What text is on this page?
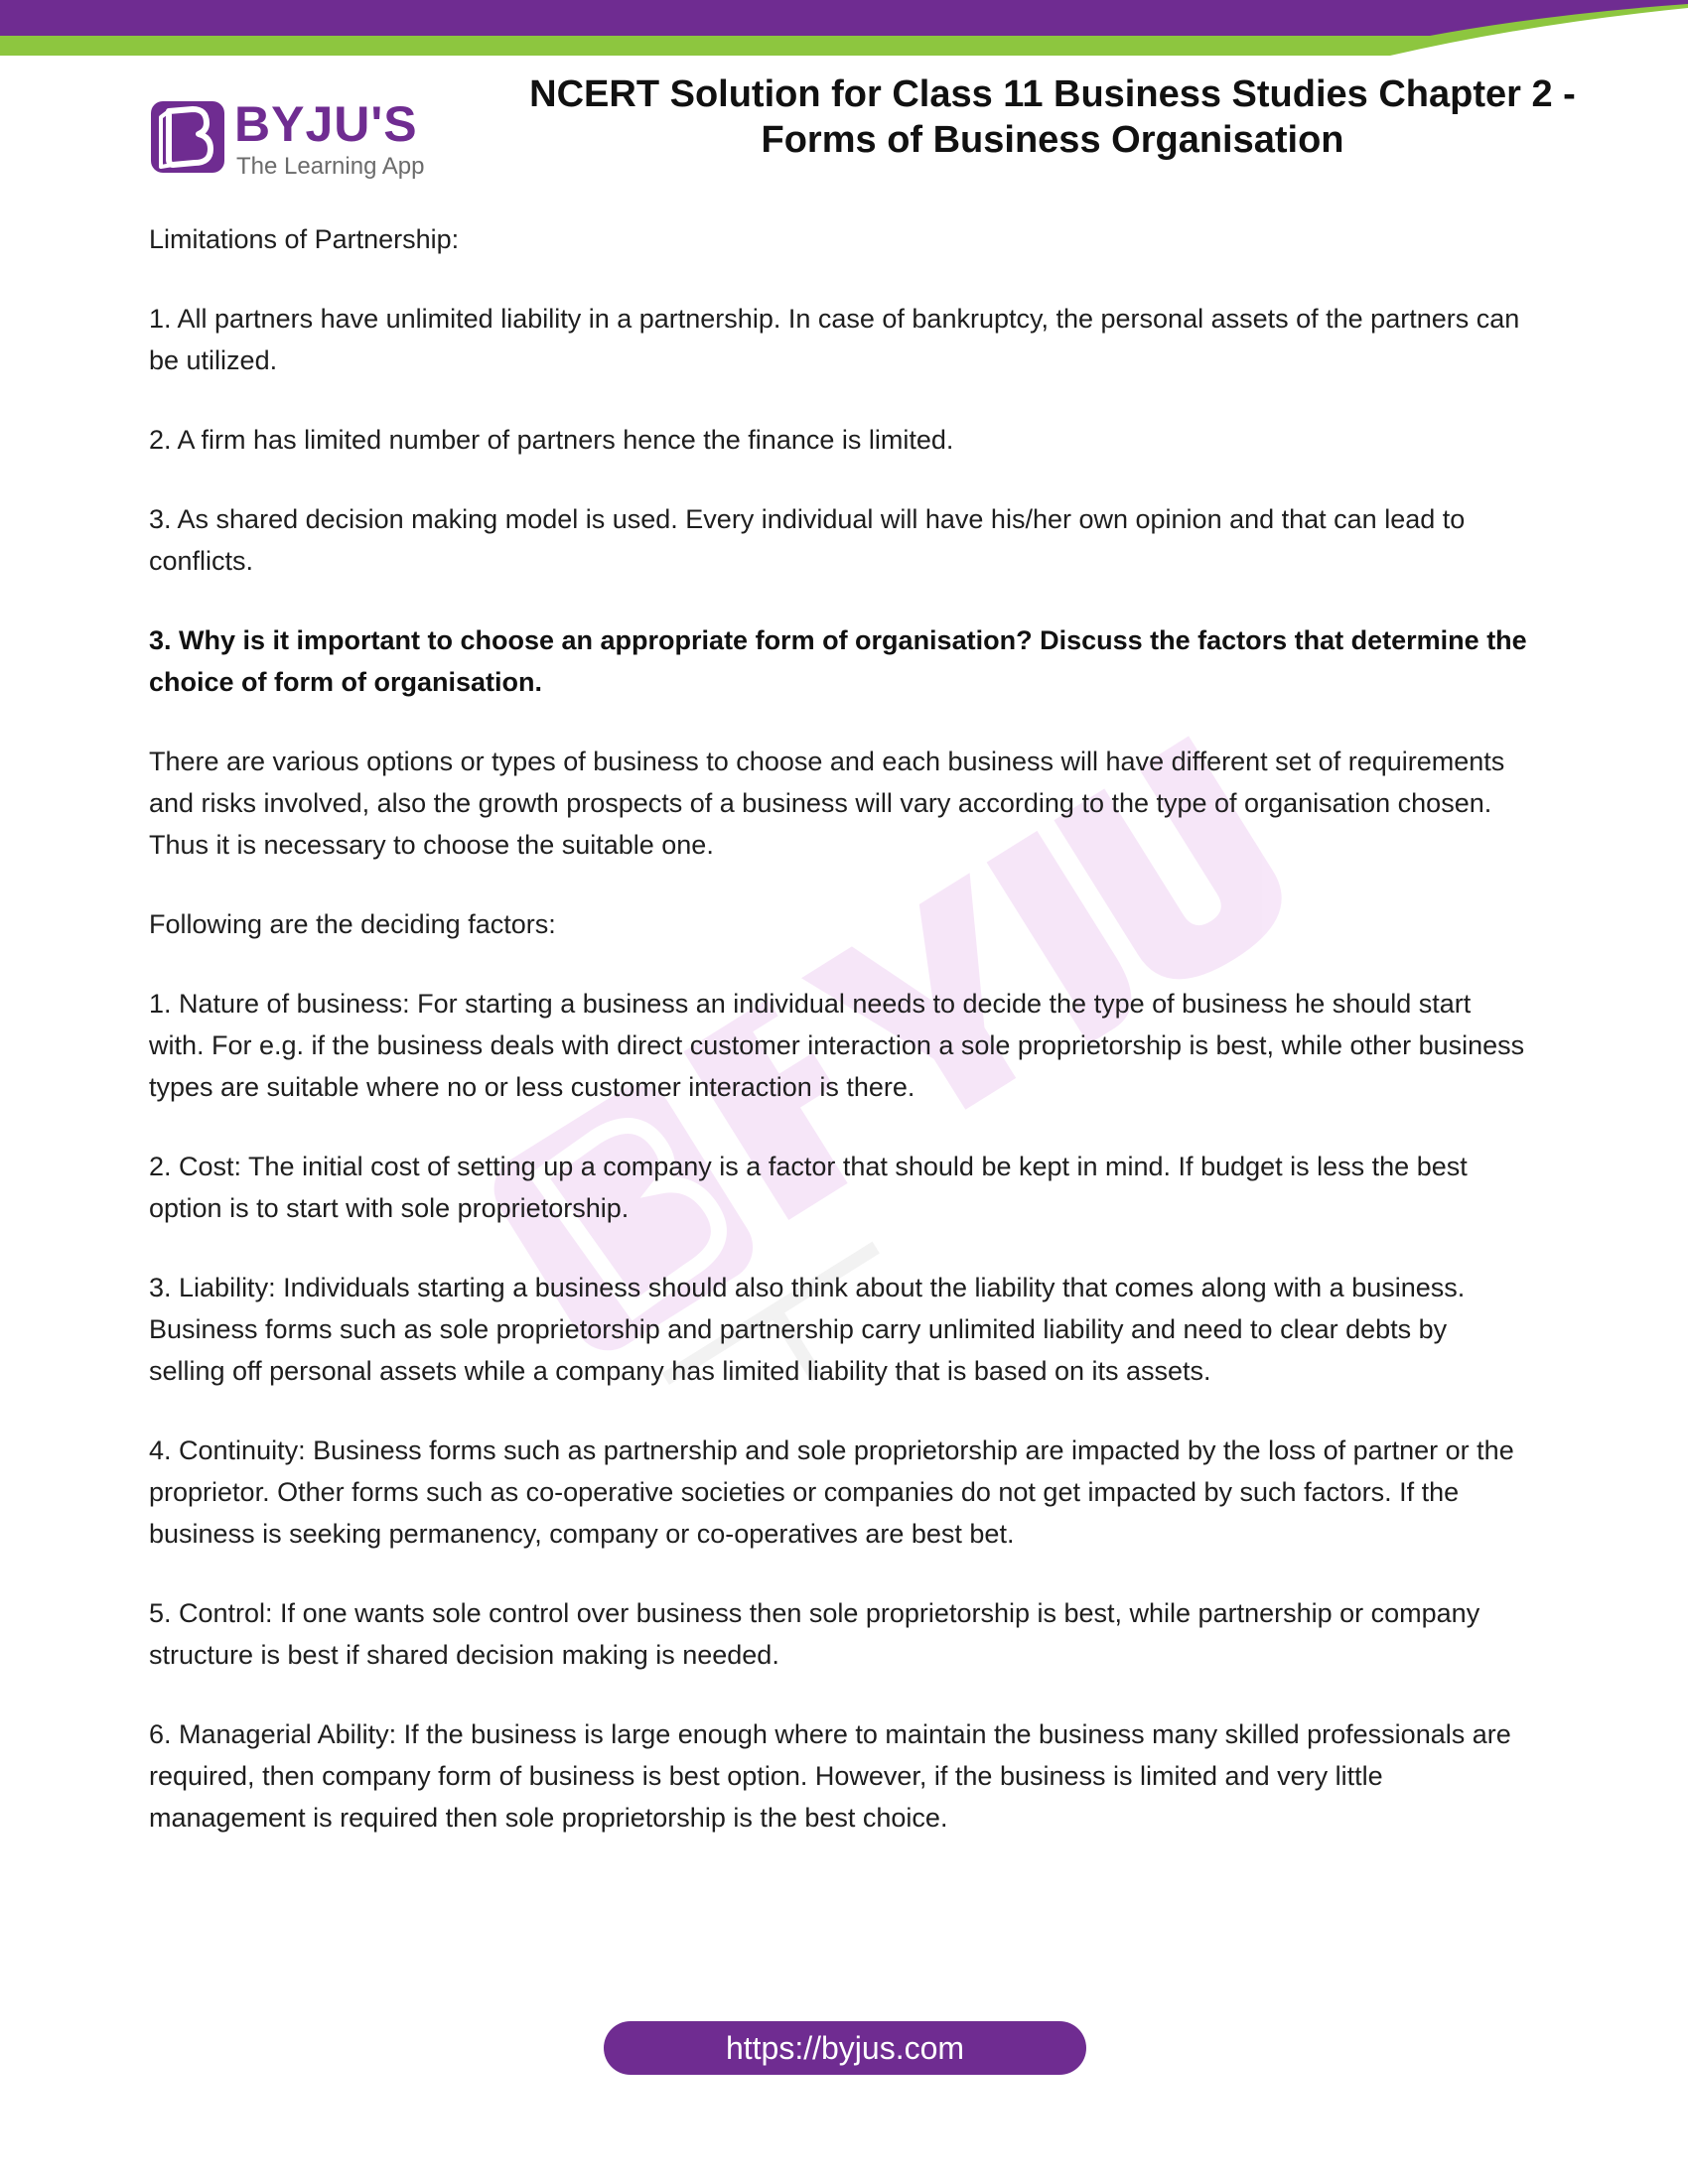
BYJU'S
The Learning App
NCERT Solution for Class 11 Business Studies Chapter 2 -
Forms of Business Organisation

Limitations of Partnership:

1. All partners have unlimited liability in a partnership. In case of bankruptcy, the personal assets of the partners can be utilized.

2. A firm has limited number of partners hence the finance is limited.

3. As shared decision making model is used. Every individual will have his/her own opinion and that can lead to conflicts.

3. Why is it important to choose an appropriate form of organisation? Discuss the factors that determine the choice of form of organisation.

There are various options or types of business to choose and each business will have different set of requirements and risks involved, also the growth prospects of a business will vary according to the type of organisation chosen. Thus it is necessary to choose the suitable one.

Following are the deciding factors:

1. Nature of business: For starting a business an individual needs to decide the type of business he should start with. For e.g. if the business deals with direct customer interaction a sole proprietorship is best, while other business types are suitable where no or less customer interaction is there.

2. Cost: The initial cost of setting up a company is a factor that should be kept in mind. If budget is less the best option is to start with sole proprietorship.

3. Liability: Individuals starting a business should also think about the liability that comes along with a business. Business forms such as sole proprietorship and partnership carry unlimited liability and need to clear debts by selling off personal assets while a company has limited liability that is based on its assets.

4. Continuity: Business forms such as partnership and sole proprietorship are impacted by the loss of partner or the proprietor. Other forms such as co-operative societies or companies do not get impacted by such factors. If the business is seeking permanency, company or co-operatives are best bet.

5. Control: If one wants sole control over business then sole proprietorship is best, while partnership or company structure is best if shared decision making is needed.

6. Managerial Ability: If the business is large enough where to maintain the business many skilled professionals are required, then company form of business is best option. However, if the business is limited and very little management is required then sole proprietorship is the best choice.

https://byjus.com
